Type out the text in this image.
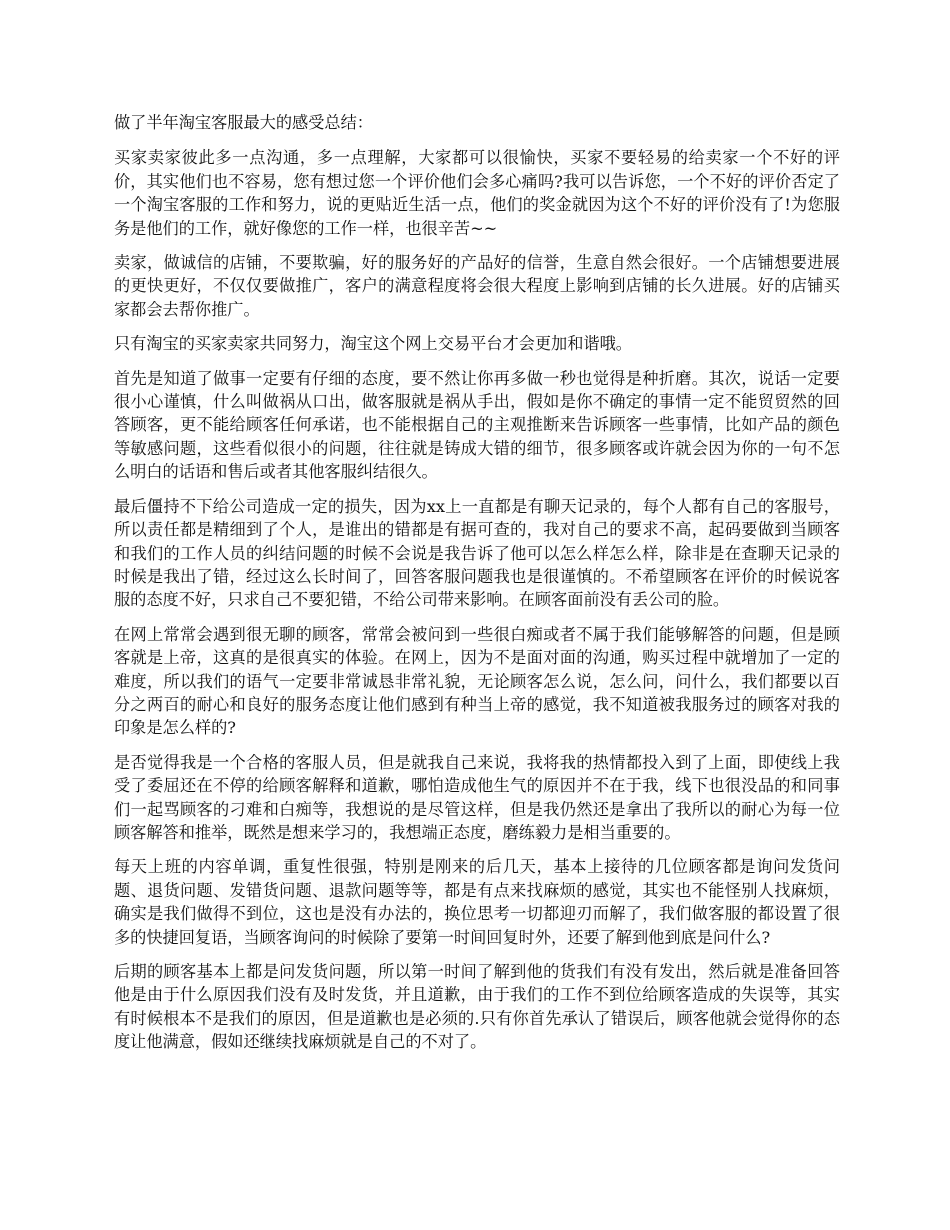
做了半年淘宝客服最大的感受总结：

买家卖家彼此多一点沟通，多一点理解，大家都可以很愉快，买家不要轻易的给卖家一个不好的评价，其实他们也不容易，您有想过您一个评价他们会多心痛吗?我可以告诉您，一个不好的评价否定了一个淘宝客服的工作和努力，说的更贴近生活一点，他们的奖金就因为这个不好的评价没有了!为您服务是他们的工作，就好像您的工作一样，也很辛苦~~

卖家，做诚信的店铺，不要欺骗，好的服务好的产品好的信誉，生意自然会很好。一个店铺想要进展的更快更好，不仅仅要做推广，客户的满意程度将会很大程度上影响到店铺的长久进展。好的店铺买家都会去帮你推广。

只有淘宝的买家卖家共同努力，淘宝这个网上交易平台才会更加和谐哦。

首先是知道了做事一定要有仔细的态度，要不然让你再多做一秒也觉得是种折磨。其次，说话一定要很小心谨慎，什么叫做祸从口出，做客服就是祸从手出，假如是你不确定的事情一定不能贸贸然的回答顾客，更不能给顾客任何承诺，也不能根据自己的主观推断来告诉顾客一些事情，比如产品的颜色等敏感问题，这些看似很小的问题，往往就是铸成大错的细节，很多顾客或许就会因为你的一句不怎么明白的话语和售后或者其他客服纠结很久。

最后僵持不下给公司造成一定的损失，因为xx上一直都是有聊天记录的，每个人都有自己的客服号，所以责任都是精细到了个人，是谁出的错都是有据可查的，我对自己的要求不高，起码要做到当顾客和我们的工作人员的纠结问题的时候不会说是我告诉了他可以怎么样怎么样，除非是在查聊天记录的时候是我出了错，经过这么长时间了，回答客服问题我也是很谨慎的。不希望顾客在评价的时候说客服的态度不好，只求自己不要犯错，不给公司带来影响。在顾客面前没有丢公司的脸。

在网上常常会遇到很无聊的顾客，常常会被问到一些很白痴或者不属于我们能够解答的问题，但是顾客就是上帝，这真的是很真实的体验。在网上，因为不是面对面的沟通，购买过程中就增加了一定的难度，所以我们的语气一定要非常诚恳非常礼貌，无论顾客怎么说，怎么问，问什么，我们都要以百分之两百的耐心和良好的服务态度让他们感到有种当上帝的感觉，我不知道被我服务过的顾客对我的印象是怎么样的?

是否觉得我是一个合格的客服人员，但是就我自己来说，我将我的热情都投入到了上面，即使线上我受了委屈还在不停的给顾客解释和道歉，哪怕造成他生气的原因并不在于我，线下也很没品的和同事们一起骂顾客的刁难和白痴等，我想说的是尽管这样，但是我仍然还是拿出了我所以的耐心为每一位顾客解答和推举，既然是想来学习的，我想端正态度，磨练毅力是相当重要的。

每天上班的内容单调，重复性很强，特别是刚来的后几天，基本上接待的几位顾客都是询问发货问题、退货问题、发错货问题、退款问题等等，都是有点来找麻烦的感觉，其实也不能怪别人找麻烦，确实是我们做得不到位，这也是没有办法的，换位思考一切都迎刃而解了，我们做客服的都设置了很多的快捷回复语，当顾客询问的时候除了要第一时间回复时外，还要了解到他到底是问什么?

后期的顾客基本上都是问发货问题，所以第一时间了解到他的货我们有没有发出，然后就是准备回答他是由于什么原因我们没有及时发货，并且道歉，由于我们的工作不到位给顾客造成的失误等，其实有时候根本不是我们的原因，但是道歉也是必须的.只有你首先承认了错误后，顾客他就会觉得你的态度让他满意，假如还继续找麻烦就是自己的不对了。
